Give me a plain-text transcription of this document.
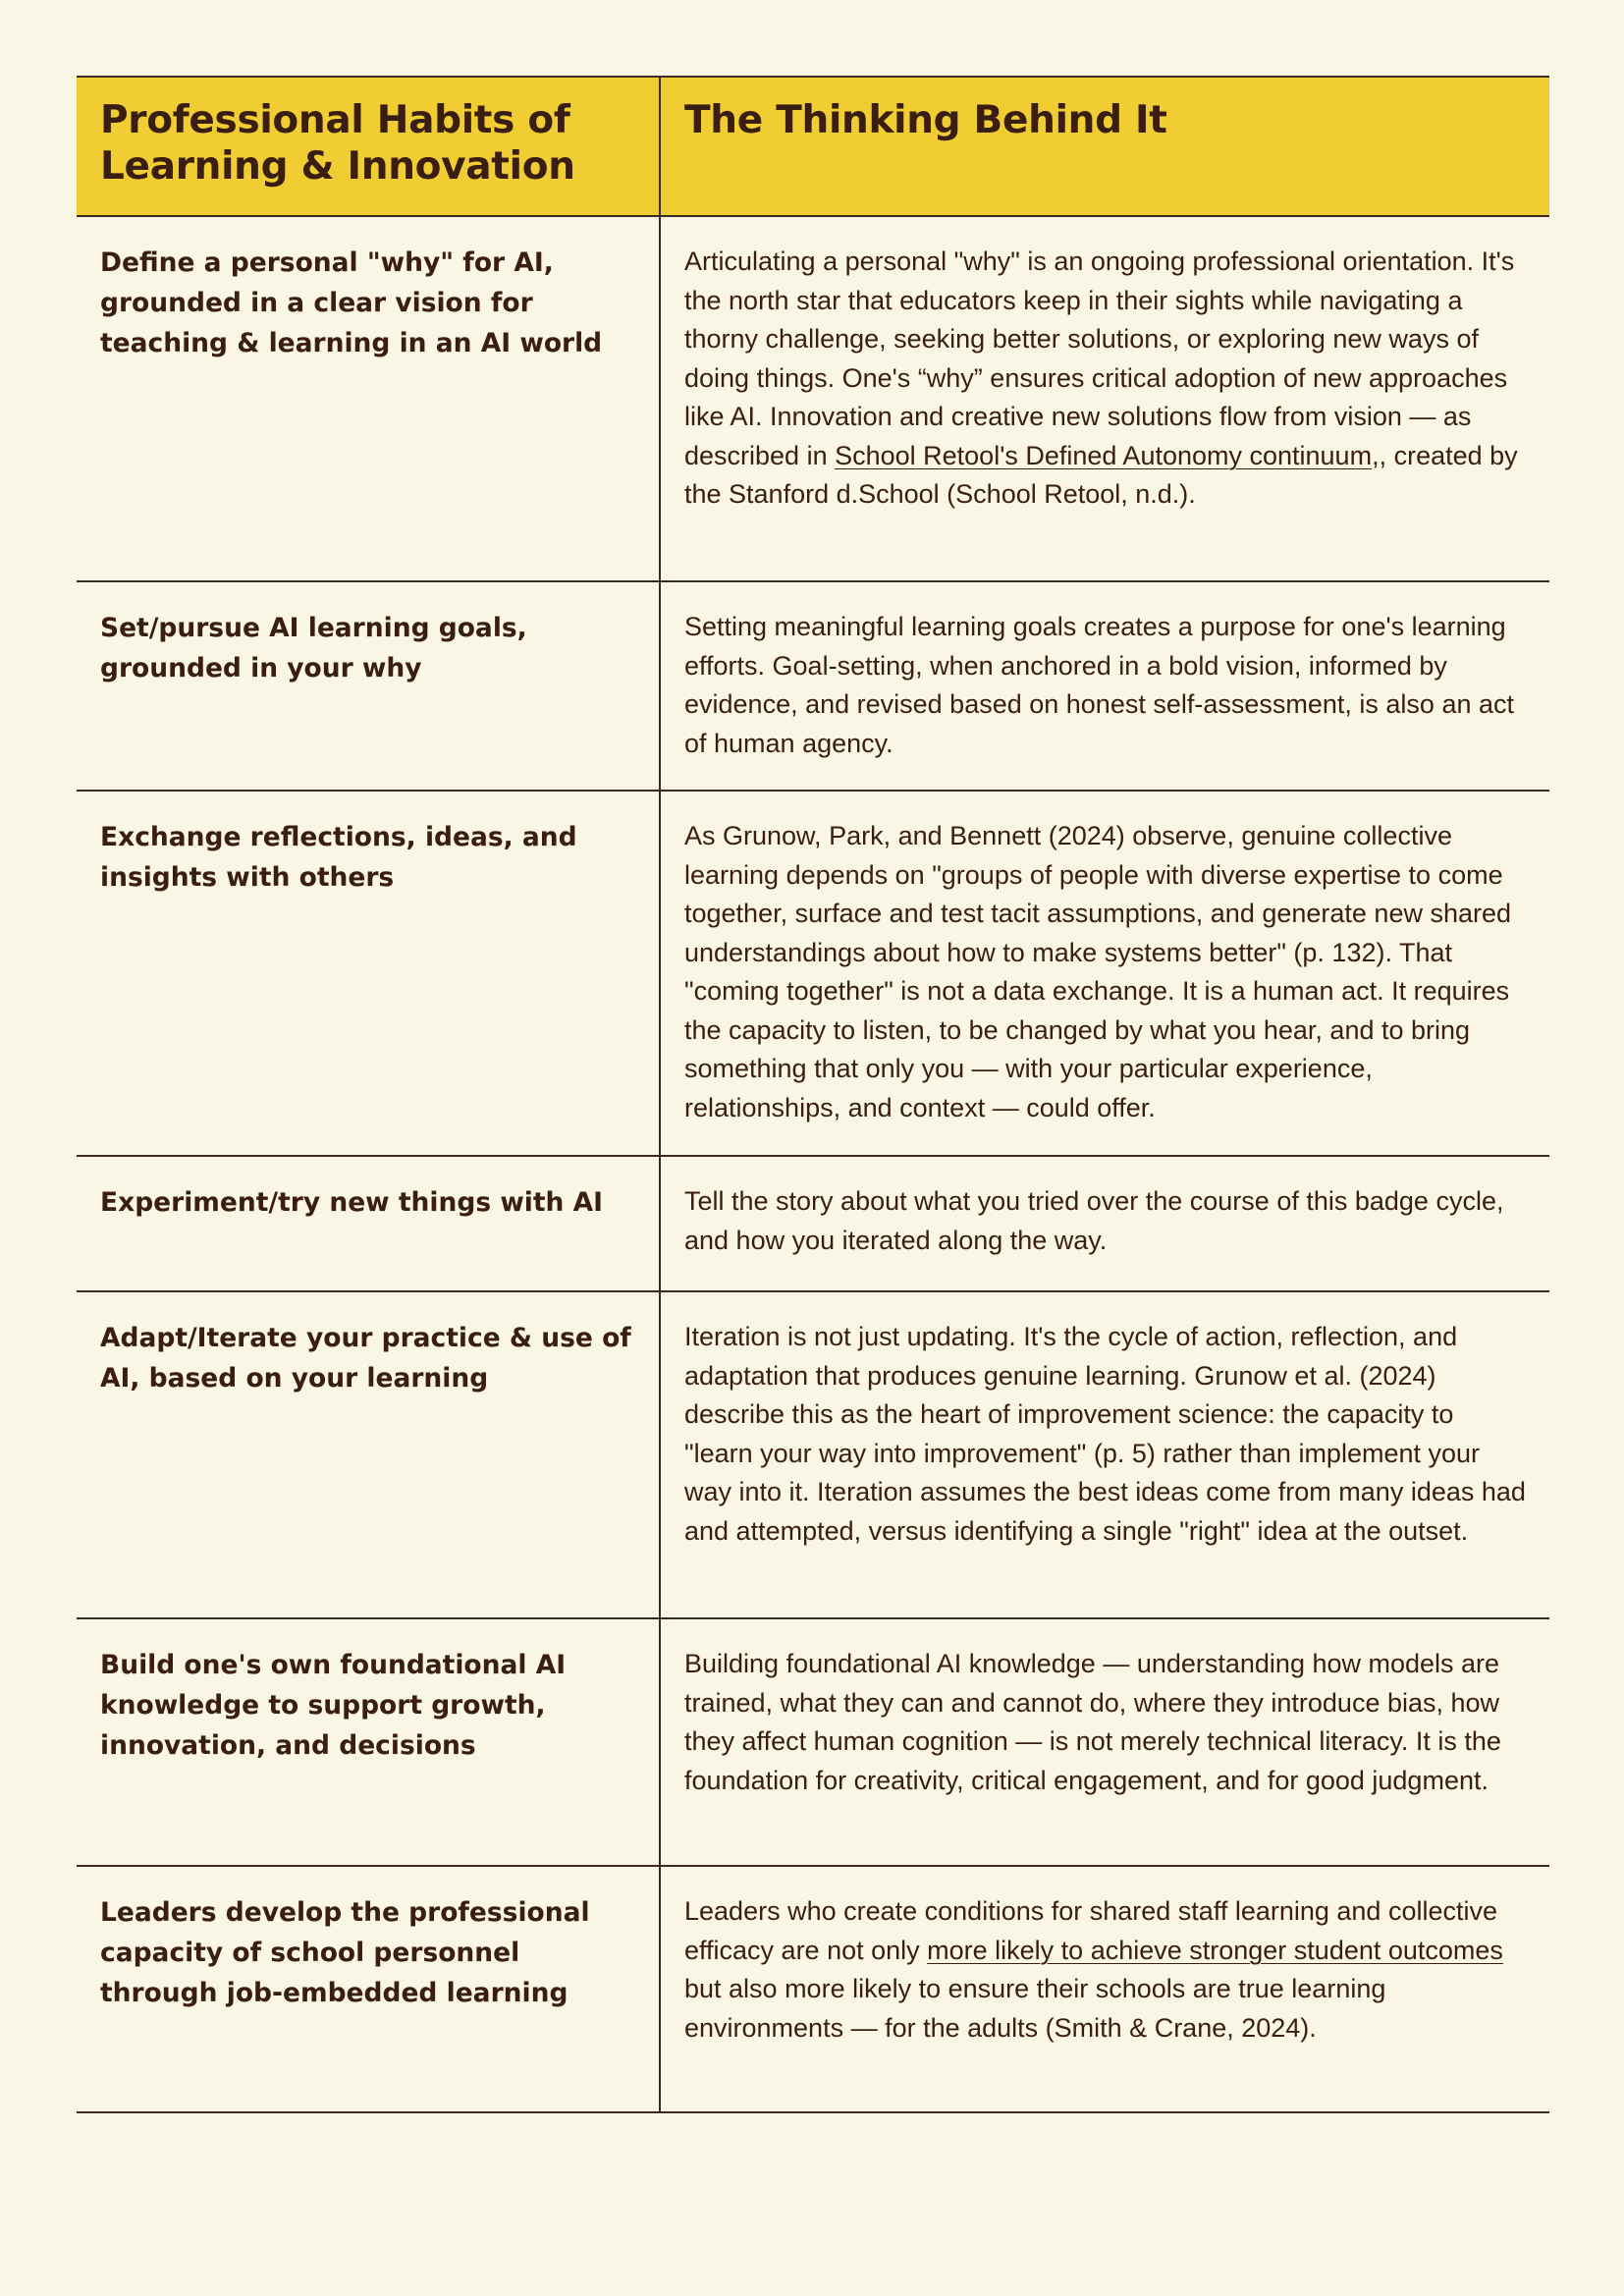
Professional Habits of
Learning & Innovation
The Thinking Behind It
Define a personal "why" for AI, grounded in a clear vision for teaching & learning in an AI world
Articulating a personal "why" is an ongoing professional orientation. It's the north star that educators keep in their sights while navigating a thorny challenge, seeking better solutions, or exploring new ways of doing things. One's “why” ensures critical adoption of new approaches like AI. Innovation and creative new solutions flow from vision — as described in School Retool's Defined Autonomy continuum,, created by the Stanford d.School (School Retool, n.d.).
Set/pursue AI learning goals, grounded in your why
Setting meaningful learning goals creates a purpose for one's learning efforts. Goal-setting, when anchored in a bold vision, informed by evidence, and revised based on honest self-assessment, is also an act of human agency.
Exchange reflections, ideas, and insights with others
As Grunow, Park, and Bennett (2024) observe, genuine collective learning depends on "groups of people with diverse expertise to come together, surface and test tacit assumptions, and generate new shared understandings about how to make systems better" (p. 132). That "coming together" is not a data exchange. It is a human act. It requires the capacity to listen, to be changed by what you hear, and to bring something that only you — with your particular experience, relationships, and context — could offer.
Experiment/try new things with AI	Tell the story about what you tried over the course of this badge cycle, and how you iterated along the way.
Adapt/Iterate your practice & use of AI, based on your learning
Iteration is not just updating. It's the cycle of action, reflection, and adaptation that produces genuine learning. Grunow et al. (2024) describe this as the heart of improvement science: the capacity to "learn your way into improvement" (p. 5) rather than implement your way into it. Iteration assumes the best ideas come from many ideas had and attempted, versus identifying a single "right" idea at the outset.
Build one's own foundational AI knowledge to support growth, innovation, and decisions
Building foundational AI knowledge — understanding how models are trained, what they can and cannot do, where they introduce bias, how they affect human cognition — is not merely technical literacy. It is the foundation for creativity, critical engagement, and for good judgment.
Leaders develop the professional capacity of school personnel through job-embedded learning
Leaders who create conditions for shared staff learning and collective efficacy are not only more likely to achieve stronger student outcomes but also more likely to ensure their schools are true learning environments — for the adults (Smith & Crane, 2024).
